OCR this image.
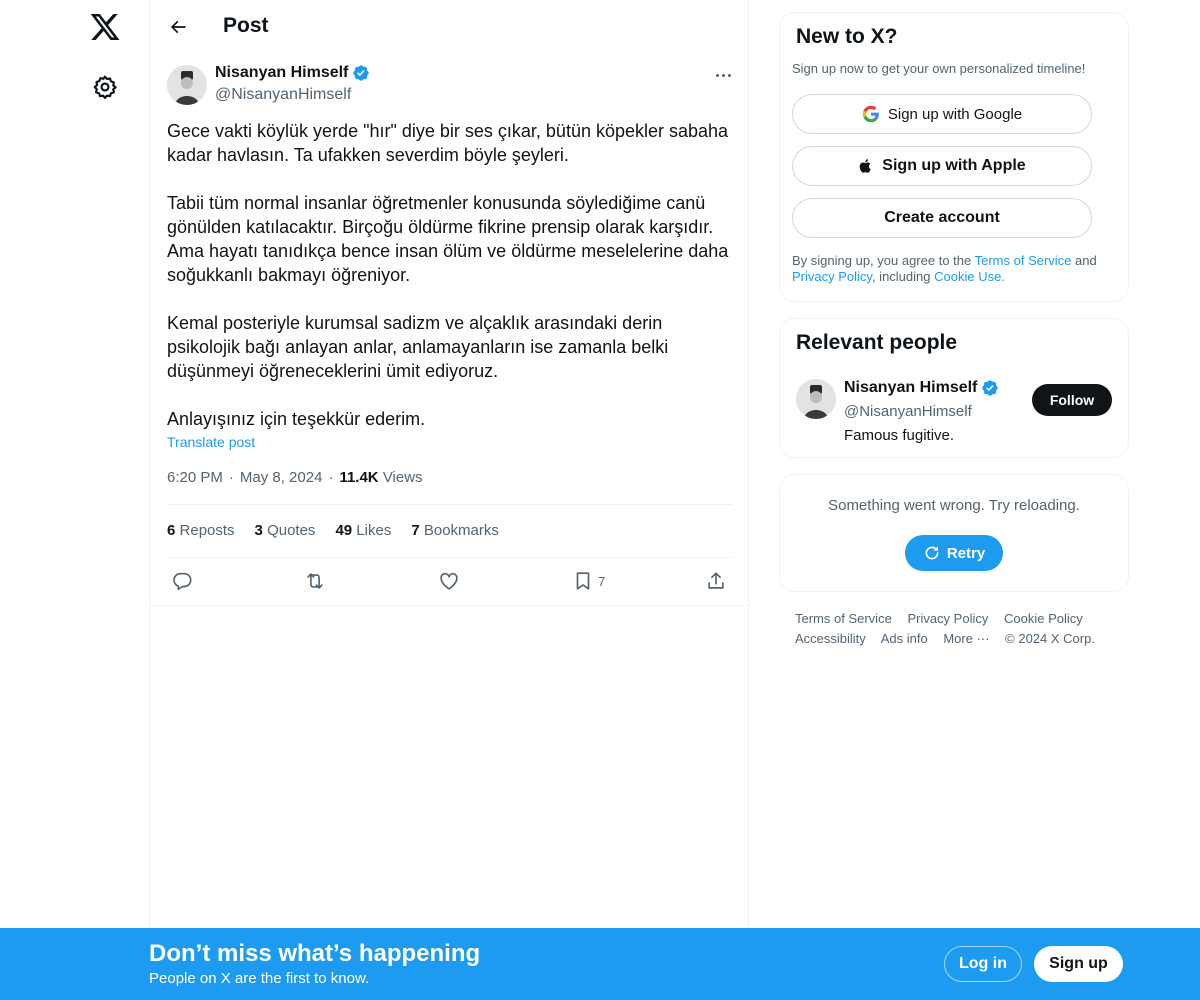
Post
Nisanyan Himself
@NisanyanHimself

Gece vakti köylük yerde "hır" diye bir ses çıkar, bütün köpekler sabaha kadar havlasın. Ta ufakken severdim böyle şeyleri.

Tabii tüm normal insanlar öğretmenler konusunda söylediğime canü gönülden katılacaktır. Birçoğu öldürme fikrine prensip olarak karşıdır. Ama hayatı tanıdıkça bence insan ölüm ve öldürme meselelerine daha soğukkanlı bakmayı öğreniyor.

Kemal posteriyle kurumsal sadizm ve alçaklık arasındaki derin psikolojik bağı anlayan anlar, anlamayanların ise zamanla belki düşünmeyi öğreneceklerini ümit ediyoruz.

Anlayışınız için teşekkür ederim.

Translate post
6:20 PM · May 8, 2024 · 11.4K Views
6 Reposts 3 Quotes 49 Likes 7 Bookmarks
7
New to X?
Sign up now to get your own personalized timeline!
Sign up with Google
Sign up with Apple
Create account
By signing up, you agree to the Terms of Service and Privacy Policy, including Cookie Use.
Relevant people
Nisanyan Himself
@NisanyanHimself
Famous fugitive.
Follow
Something went wrong. Try reloading.
Retry
Terms of Service Privacy Policy Cookie Policy
Accessibility Ads info More ··· © 2024 X Corp.
Don’t miss what’s happening
People on X are the first to know.
Log in	Sign up
